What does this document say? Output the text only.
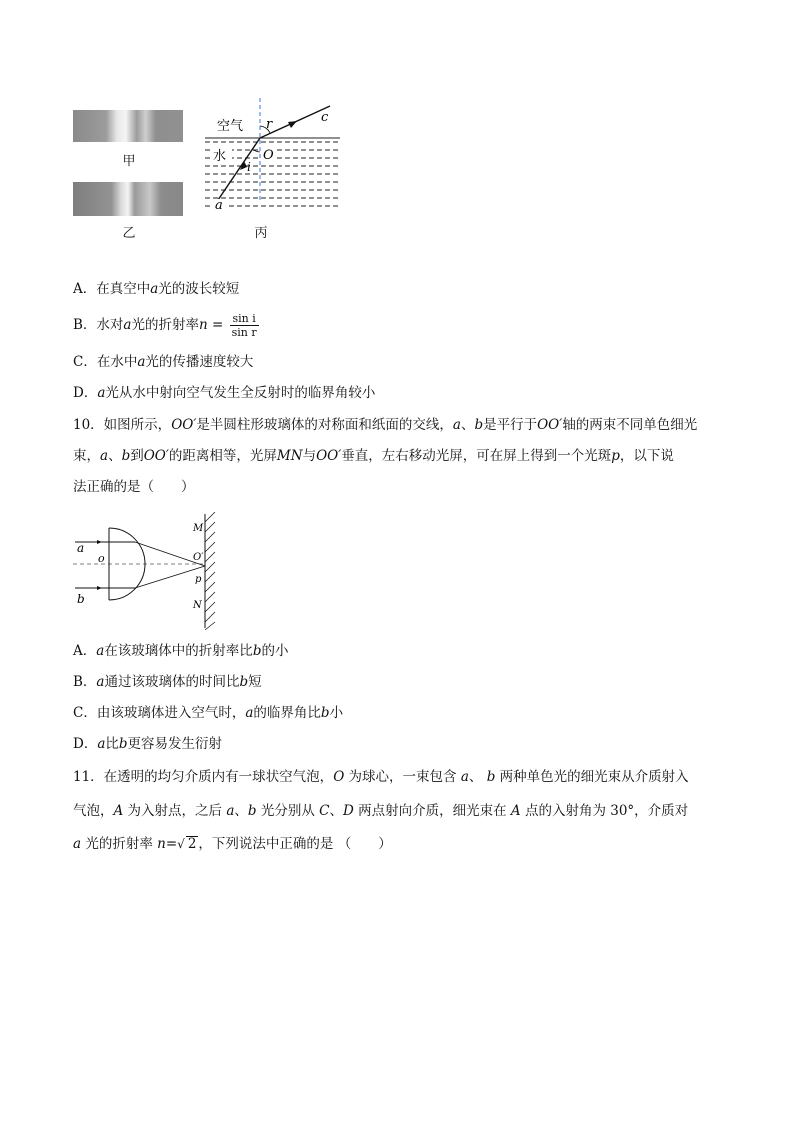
甲
乙
空气 r	c
水	O
i
a
丙
A．在真空中a光的波长较短
B．水对a光的折射率$n = \frac{\text{sin i}}{\text{sin r}}$
C．在水中a光的传播速度较大
D．a光从水中射向空气发生全反射时的临界角较小
10．如图所示，OO′是半圆柱形玻璃体的对称面和纸面的交线，a、b是平行于OO′轴的两束不同单色细光
束，a、b到OO′的距离相等，光屏MN与OO′垂直，左右移动光屏，可在屏上得到一个光斑p，以下说
法正确的是（　　）
a
o
b
M
O′
p
N
A．a在该玻璃体中的折射率比b的小
B．a通过该玻璃体的时间比b短
C．由该玻璃体进入空气时，a的临界角比b小
D．a比b更容易发生衍射
11．在透明的均匀介质内有一球状空气泡，O 为球心，一束包含 a、 b 两种单色光的细光束从介质射入
气泡，A 为入射点，之后 a、b 光分别从 C、D 两点射向介质，细光束在 A 点的入射角为 30°，介质对
a 光的折射率 n=√ 2 ，下列说法中正确的是 （　　）
